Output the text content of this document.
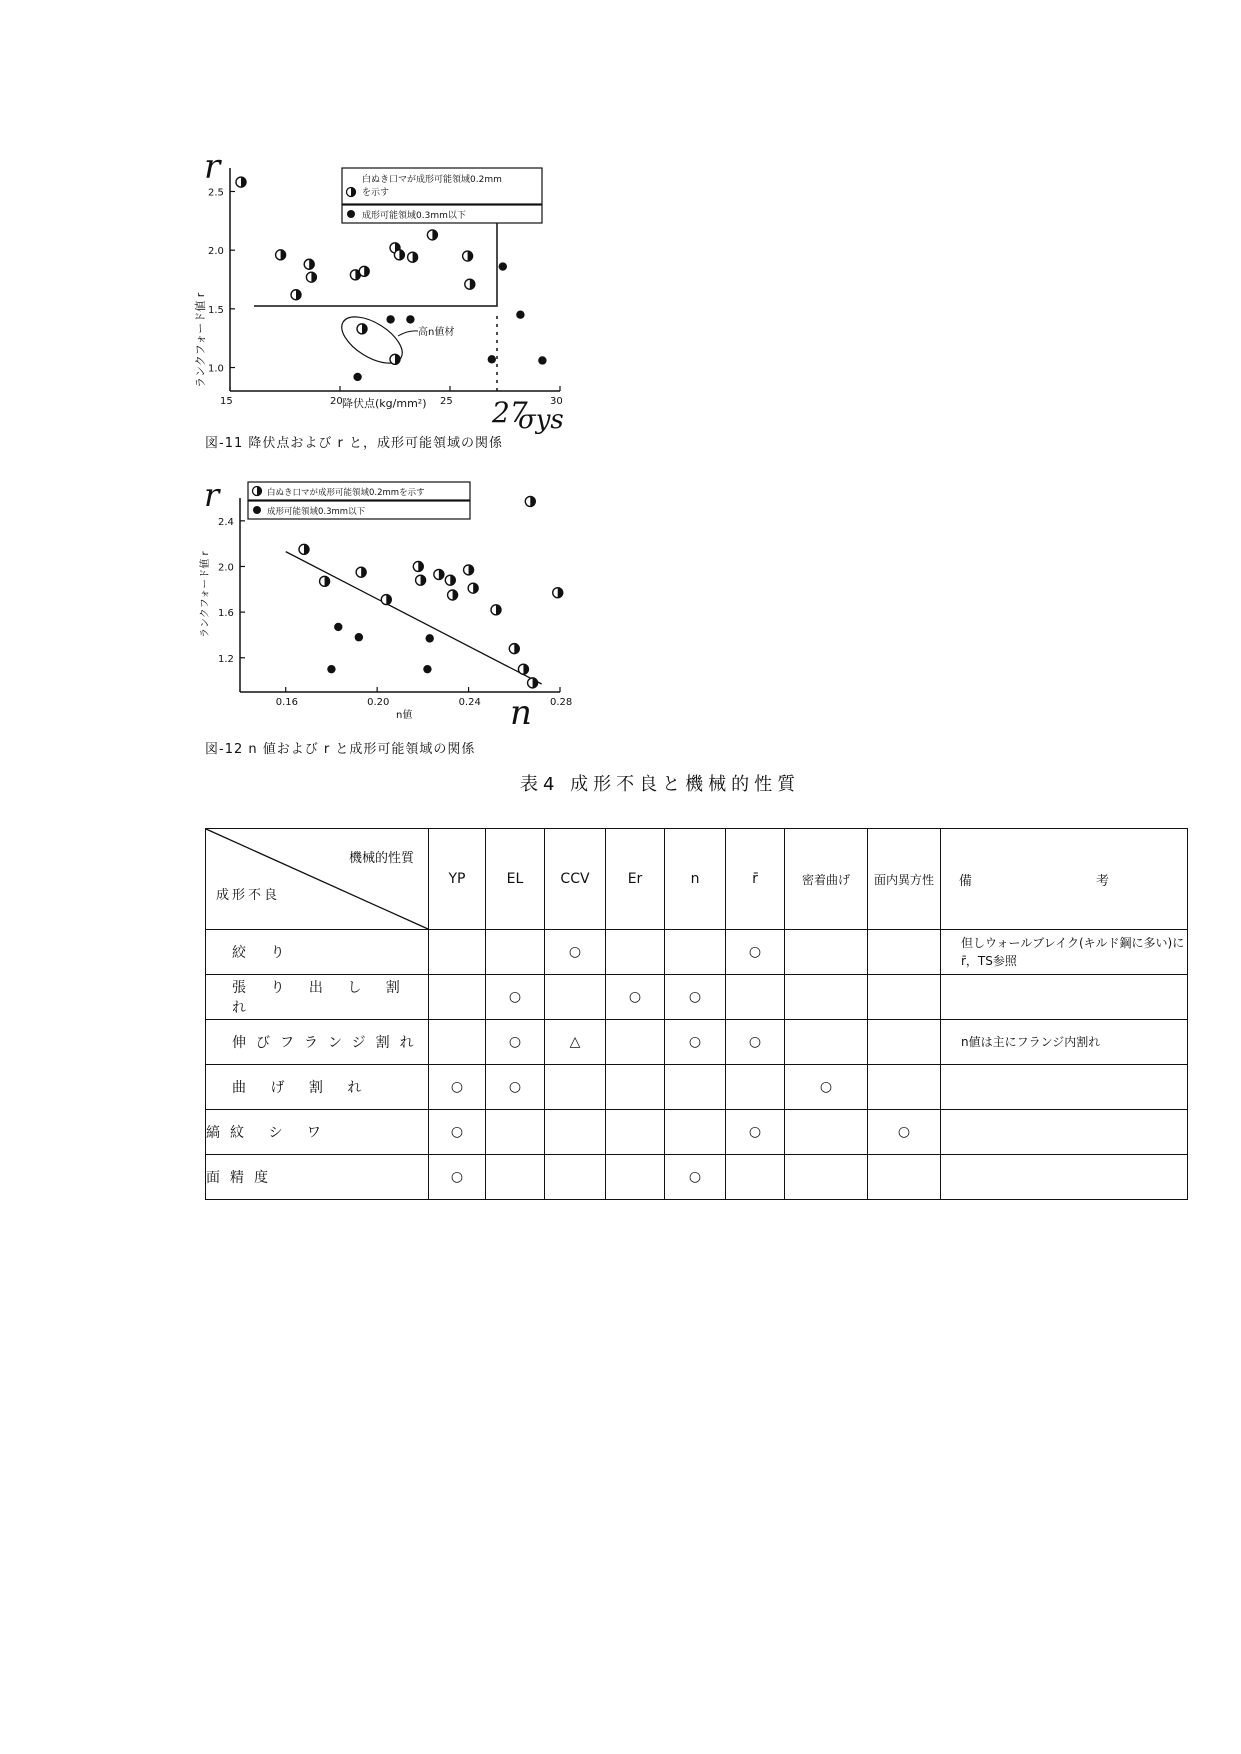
r
ランクフォード値 r
15	20	25	30
1.0
1.5
2.0
2.5
白ぬき口マが成形可能領域0.2mm
を示す
成形可能領域0.3mm以下
高n値材
降伏点(kg/mm²) 27
σys
図-11 降伏点および r と，成形可能領域の関係
r
ランクフォード値 r
0.16	0.20	0.24	0.28
1.2
1.6
2.0
2.4
白ぬき口マが成形可能領域0.2mmを示す
成形可能領域0.3mm以下
n値	n
図-12 n 値および r と成形可能領域の関係
表4 成形不良と機械的性質
機械的性質
成形不良	YP	EL	CCV	Er	n	r̄	密着曲げ	面内異方性	備 考
絞 り			○			○			但しウォールブレイク(キルド鋼に多い)にr̄，TS参照
張 り 出 し 割 れ		○		○	○				
伸びフランジ割れ		○	△		○	○			n値は主にフランジ内割れ
曲 げ 割 れ	○	○					○		
縞紋 シ ワ	○					○		○	
面精度	○				○				
